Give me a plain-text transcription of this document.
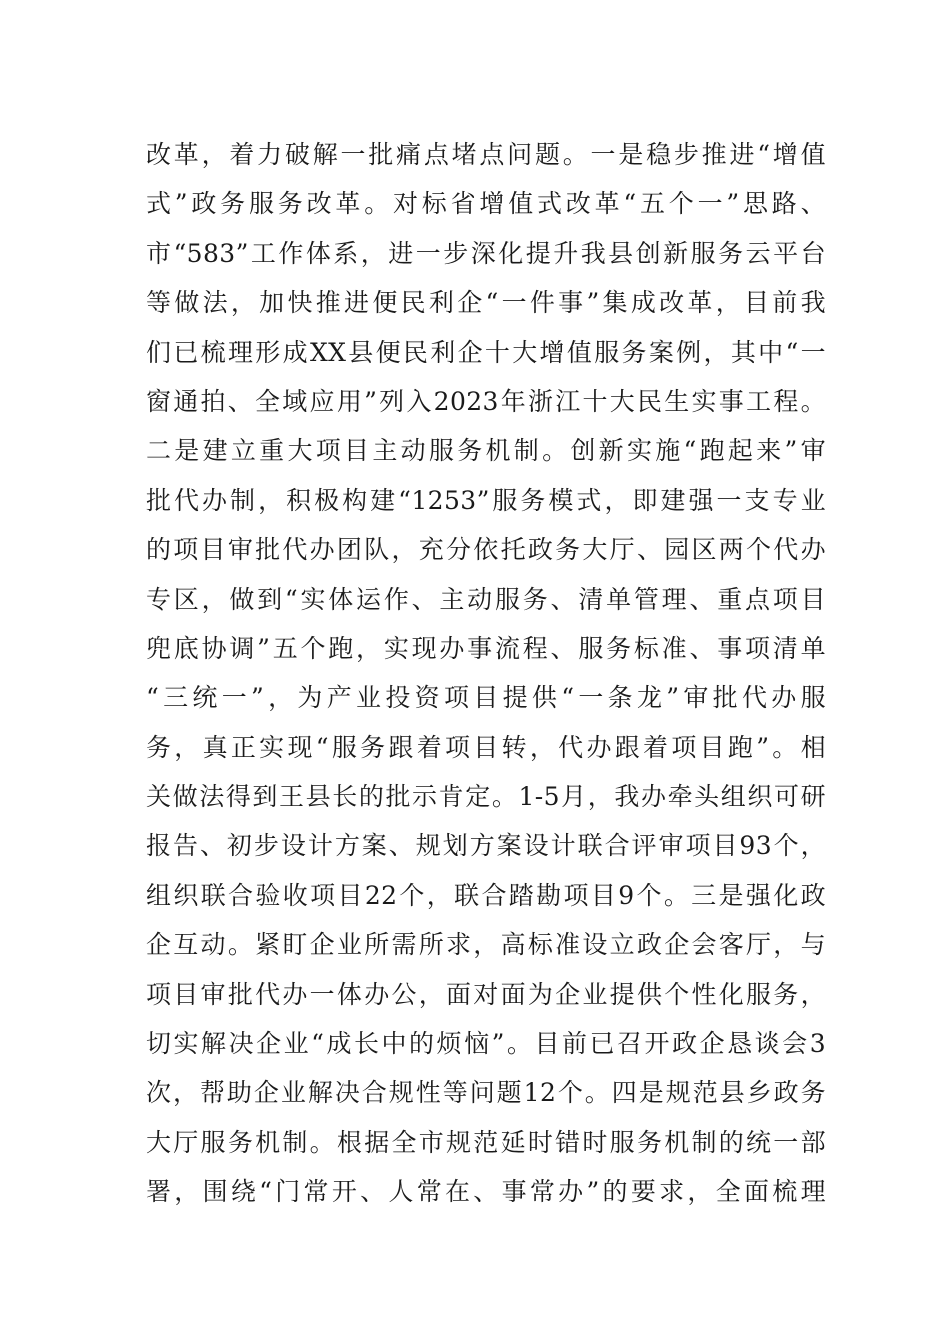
改革，着力破解一批痛点堵点问题。一是稳步推进“增值
式”政务服务改革。对标省增值式改革“五个一”思路、
市“583”工作体系，进一步深化提升我县创新服务云平台
等做法，加快推进便民利企“一件事”集成改革，目前我
们已梳理形成XX县便民利企十大增值服务案例，其中“一
窗通拍、全域应用”列入2023年浙江十大民生实事工程。
二是建立重大项目主动服务机制。创新实施“跑起来”审
批代办制，积极构建“1253”服务模式，即建强一支专业
的项目审批代办团队，充分依托政务大厅、园区两个代办
专区，做到“实体运作、主动服务、清单管理、重点项目
兜底协调”五个跑，实现办事流程、服务标准、事项清单
“三统一”，为产业投资项目提供“一条龙”审批代办服
务，真正实现“服务跟着项目转，代办跟着项目跑”。相
关做法得到王县长的批示肯定。1-5月，我办牵头组织可研
报告、初步设计方案、规划方案设计联合评审项目93个，
组织联合验收项目22个，联合踏勘项目9个。三是强化政
企互动。紧盯企业所需所求，高标准设立政企会客厅，与
项目审批代办一体办公，面对面为企业提供个性化服务，
切实解决企业“成长中的烦恼”。目前已召开政企恳谈会3
次，帮助企业解决合规性等问题12个。四是规范县乡政务
大厅服务机制。根据全市规范延时错时服务机制的统一部
署，围绕“门常开、人常在、事常办”的要求，全面梳理
